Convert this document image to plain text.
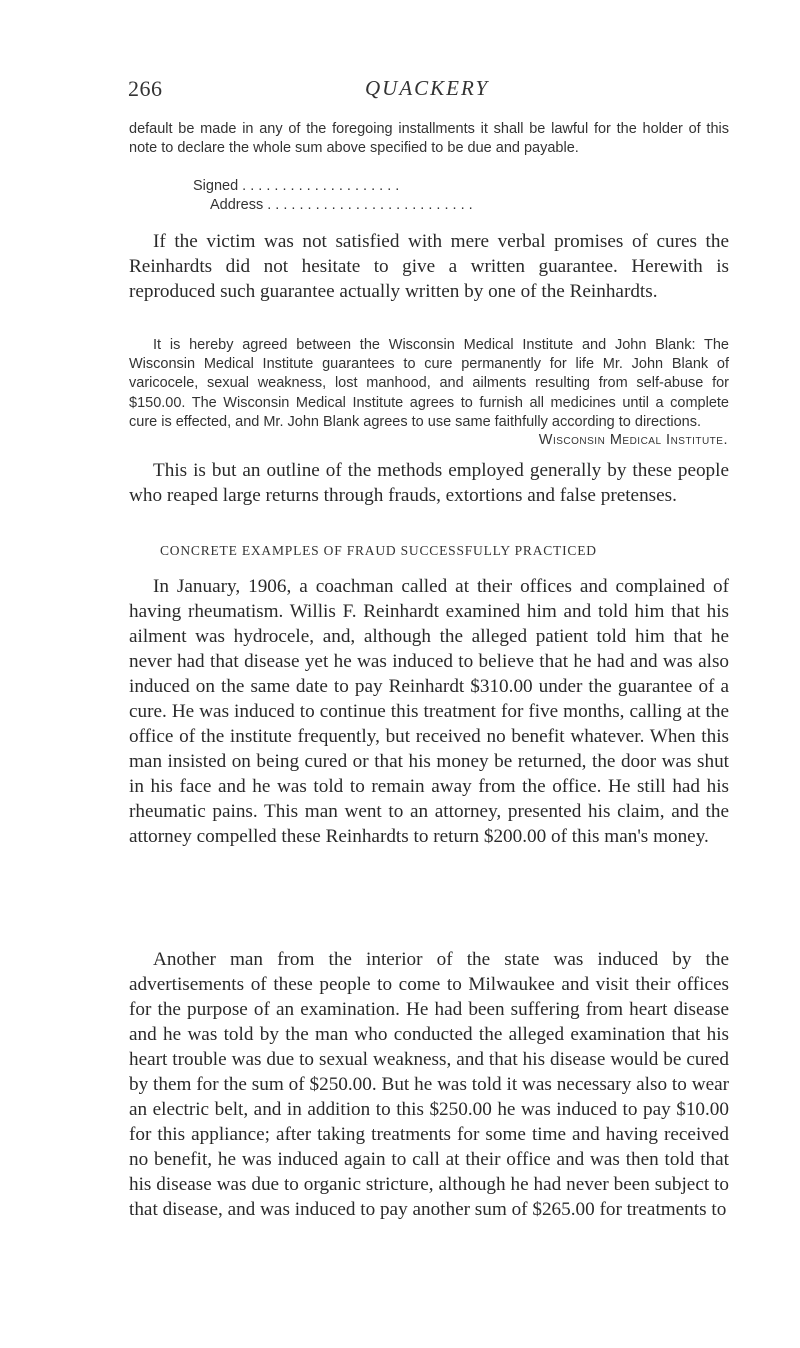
266	QUACKERY

default be made in any of the foregoing installments it shall be lawful for the holder of this note to declare the whole sum above specified to be due and payable.

Signed . . . . . . . . . . . . . . . . . . . .
Address . . . . . . . . . . . . . . . . . . . . . . . . . .

If the victim was not satisfied with mere verbal promises of cures the Reinhardts did not hesitate to give a written guarantee. Herewith is reproduced such guarantee actually written by one of the Reinhardts.

It is hereby agreed between the Wisconsin Medical Institute and John Blank: The Wisconsin Medical Institute guarantees to cure permanently for life Mr. John Blank of varicocele, sexual weakness, lost manhood, and ailments resulting from self-abuse for $150.00. The Wisconsin Medical Institute agrees to furnish all medicines until a complete cure is effected, and Mr. John Blank agrees to use same faithfully according to directions.

Wisconsin Medical Institute.

This is but an outline of the methods employed generally by these people who reaped large returns through frauds, extortions and false pretenses.

CONCRETE EXAMPLES OF FRAUD SUCCESSFULLY PRACTICED

In January, 1906, a coachman called at their offices and complained of having rheumatism. Willis F. Reinhardt examined him and told him that his ailment was hydrocele, and, although the alleged patient told him that he never had that disease yet he was induced to believe that he had and was also induced on the same date to pay Reinhardt $310.00 under the guarantee of a cure. He was induced to continue this treatment for five months, calling at the office of the institute frequently, but received no benefit whatever. When this man insisted on being cured or that his money be returned, the door was shut in his face and he was told to remain away from the office. He still had his rheumatic pains. This man went to an attorney, presented his claim, and the attorney compelled these Reinhardts to return $200.00 of this man's money.

Another man from the interior of the state was induced by the advertisements of these people to come to Milwaukee and visit their offices for the purpose of an examination. He had been suffering from heart disease and he was told by the man who conducted the alleged examination that his heart trouble was due to sexual weakness, and that his disease would be cured by them for the sum of $250.00. But he was told it was necessary also to wear an electric belt, and in addition to this $250.00 he was induced to pay $10.00 for this appliance; after taking treatments for some time and having received no benefit, he was induced again to call at their office and was then told that his disease was due to organic stricture, although he had never been subject to that disease, and was induced to pay another sum of $265.00 for treatments to
